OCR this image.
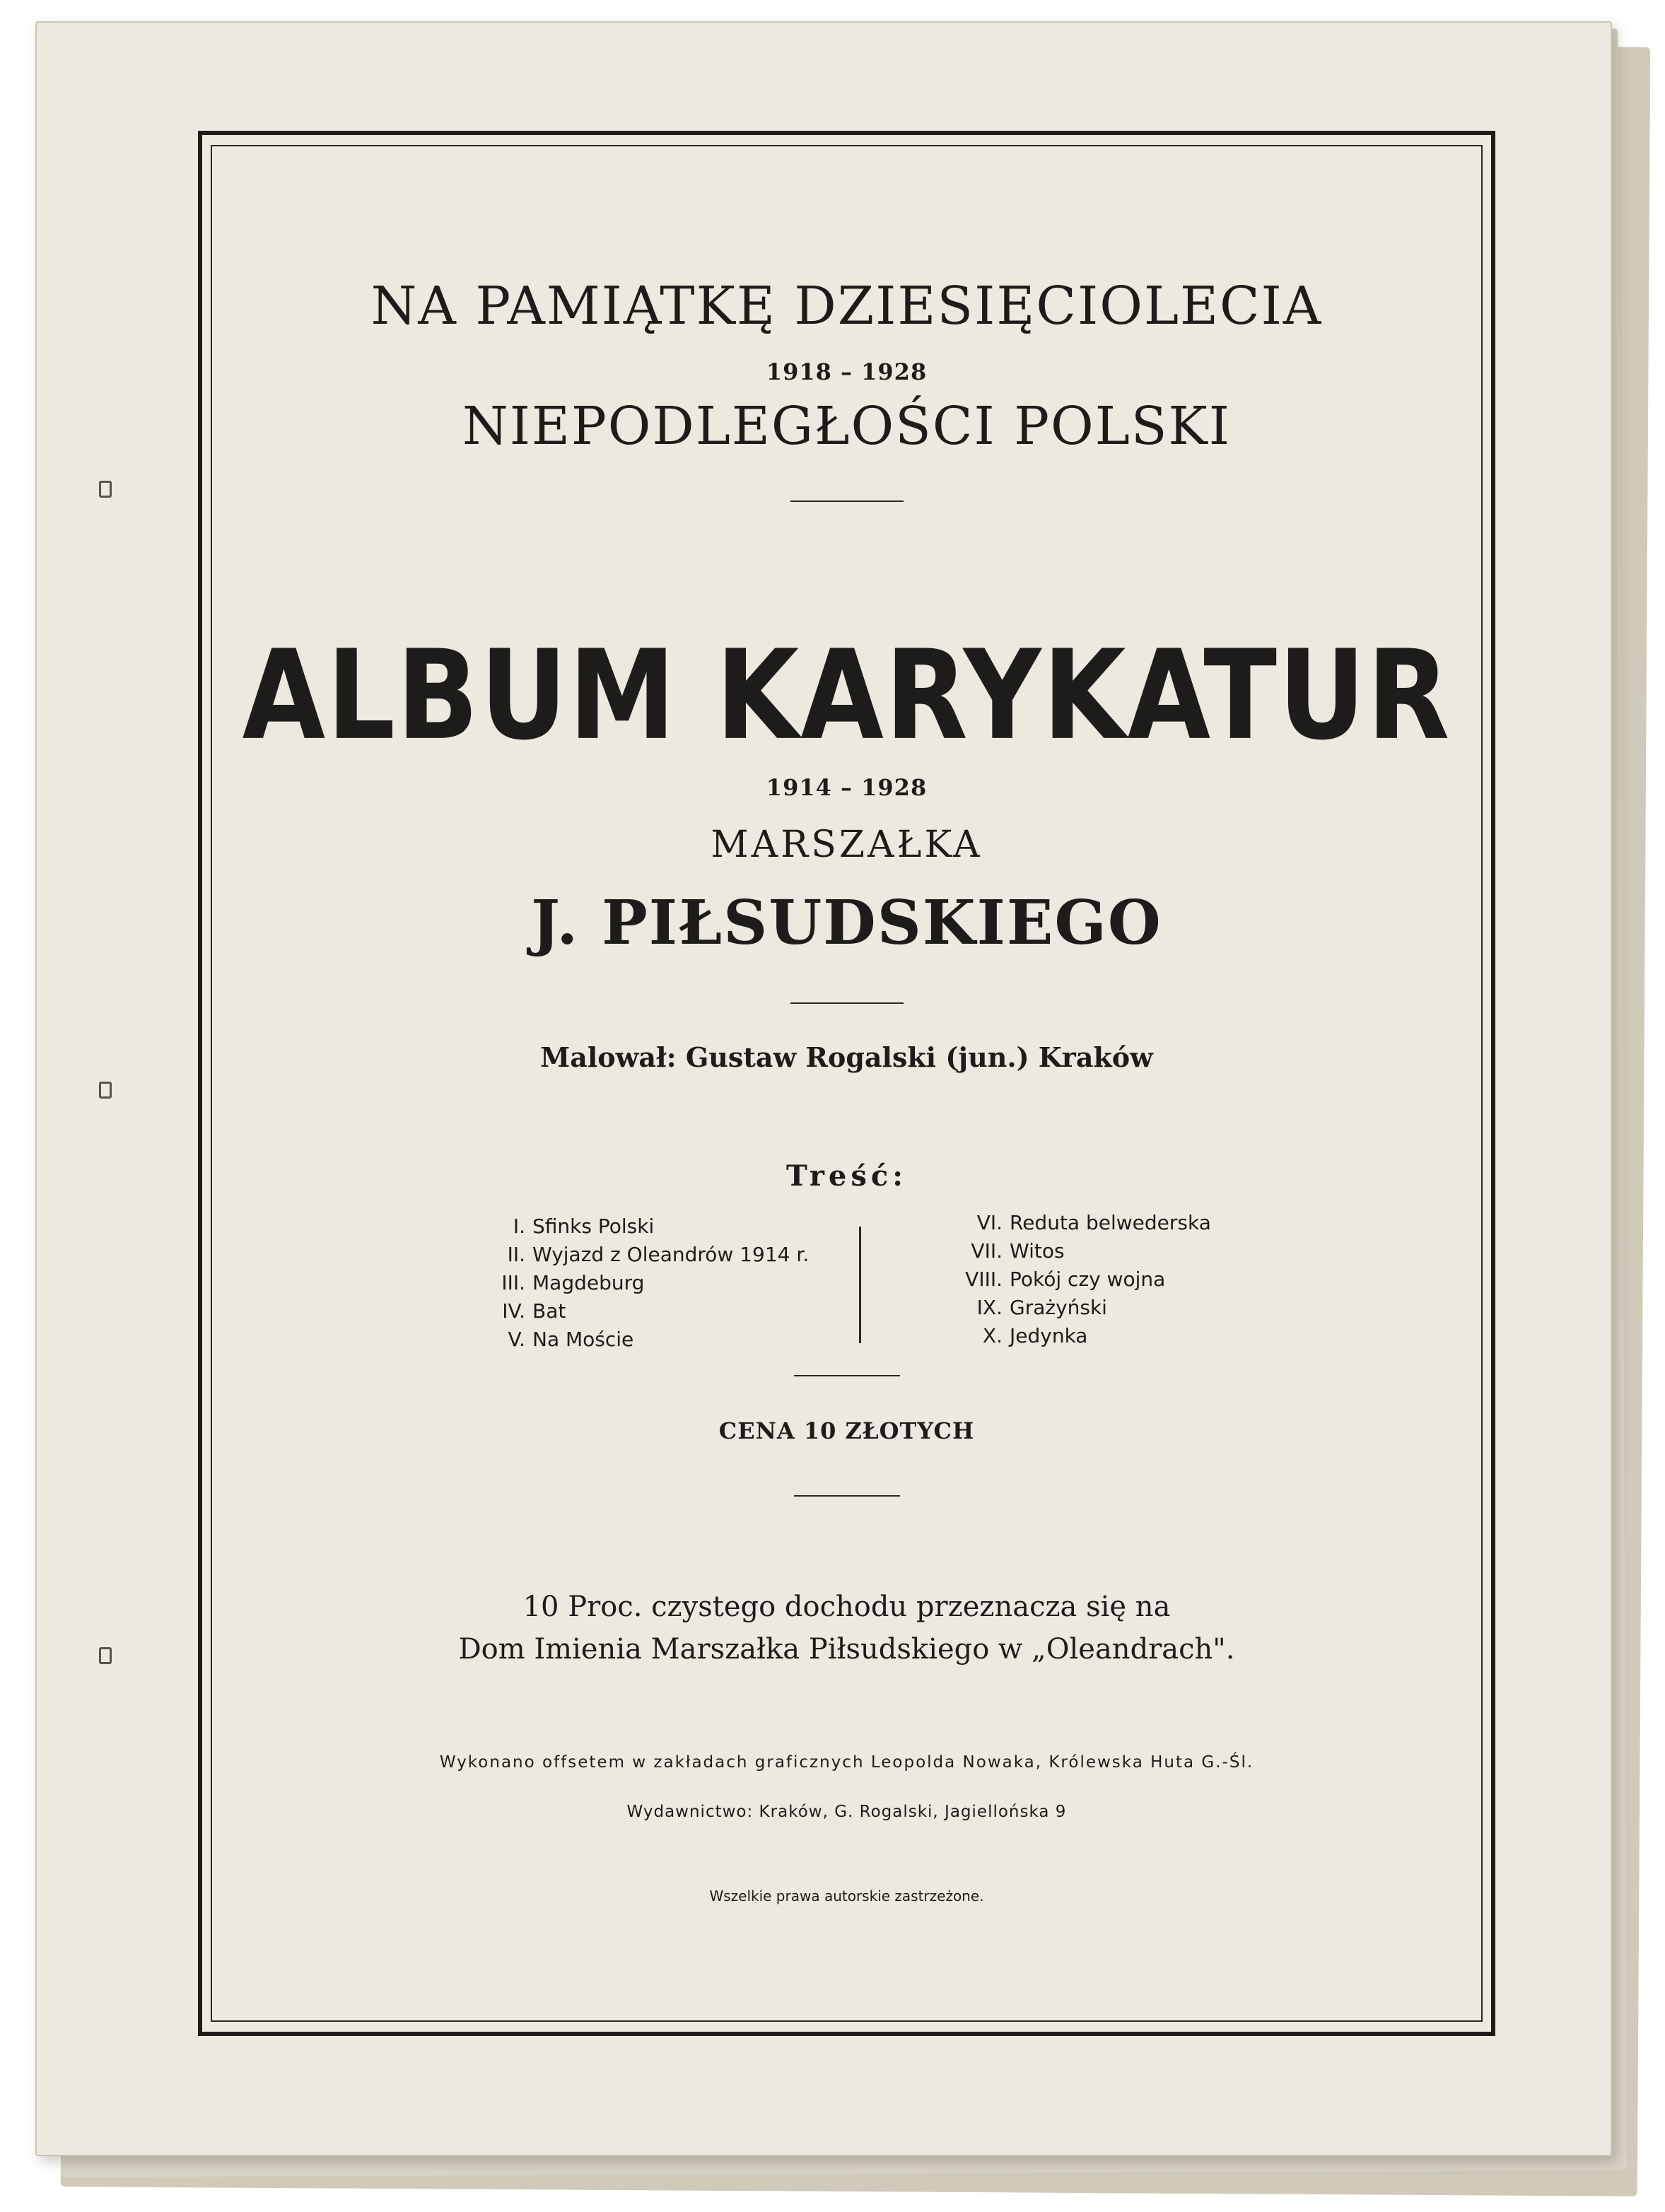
NA PAMIĄTKĘ DZIESIĘCIOLECIA
1918 – 1928
NIEPODLEGŁOŚCI POLSKI
ALBUM KARYKATUR
1914 – 1928
MARSZAŁKA
J. PIŁSUDSKIEGO
Malował: Gustaw Rogalski (jun.) Kraków
Treść:
I. Sfinks Polski
II. Wyjazd z Oleandrów 1914 r.
III. Magdeburg
IV. Bat
V. Na Moście
VI. Reduta belwederska
VII. Witos
VIII. Pokój czy wojna
IX. Grażyński
X. Jedynka
CENA 10 ZŁOTYCH
10 Proc. czystego dochodu przeznacza się na
Dom Imienia Marszałka Piłsudskiego w „Oleandrach".
Wykonano offsetem w zakładach graficznych Leopolda Nowaka, Królewska Huta G.-Śl.
Wydawnictwo: Kraków, G. Rogalski, Jagiellońska 9
Wszelkie prawa autorskie zastrzeżone.
